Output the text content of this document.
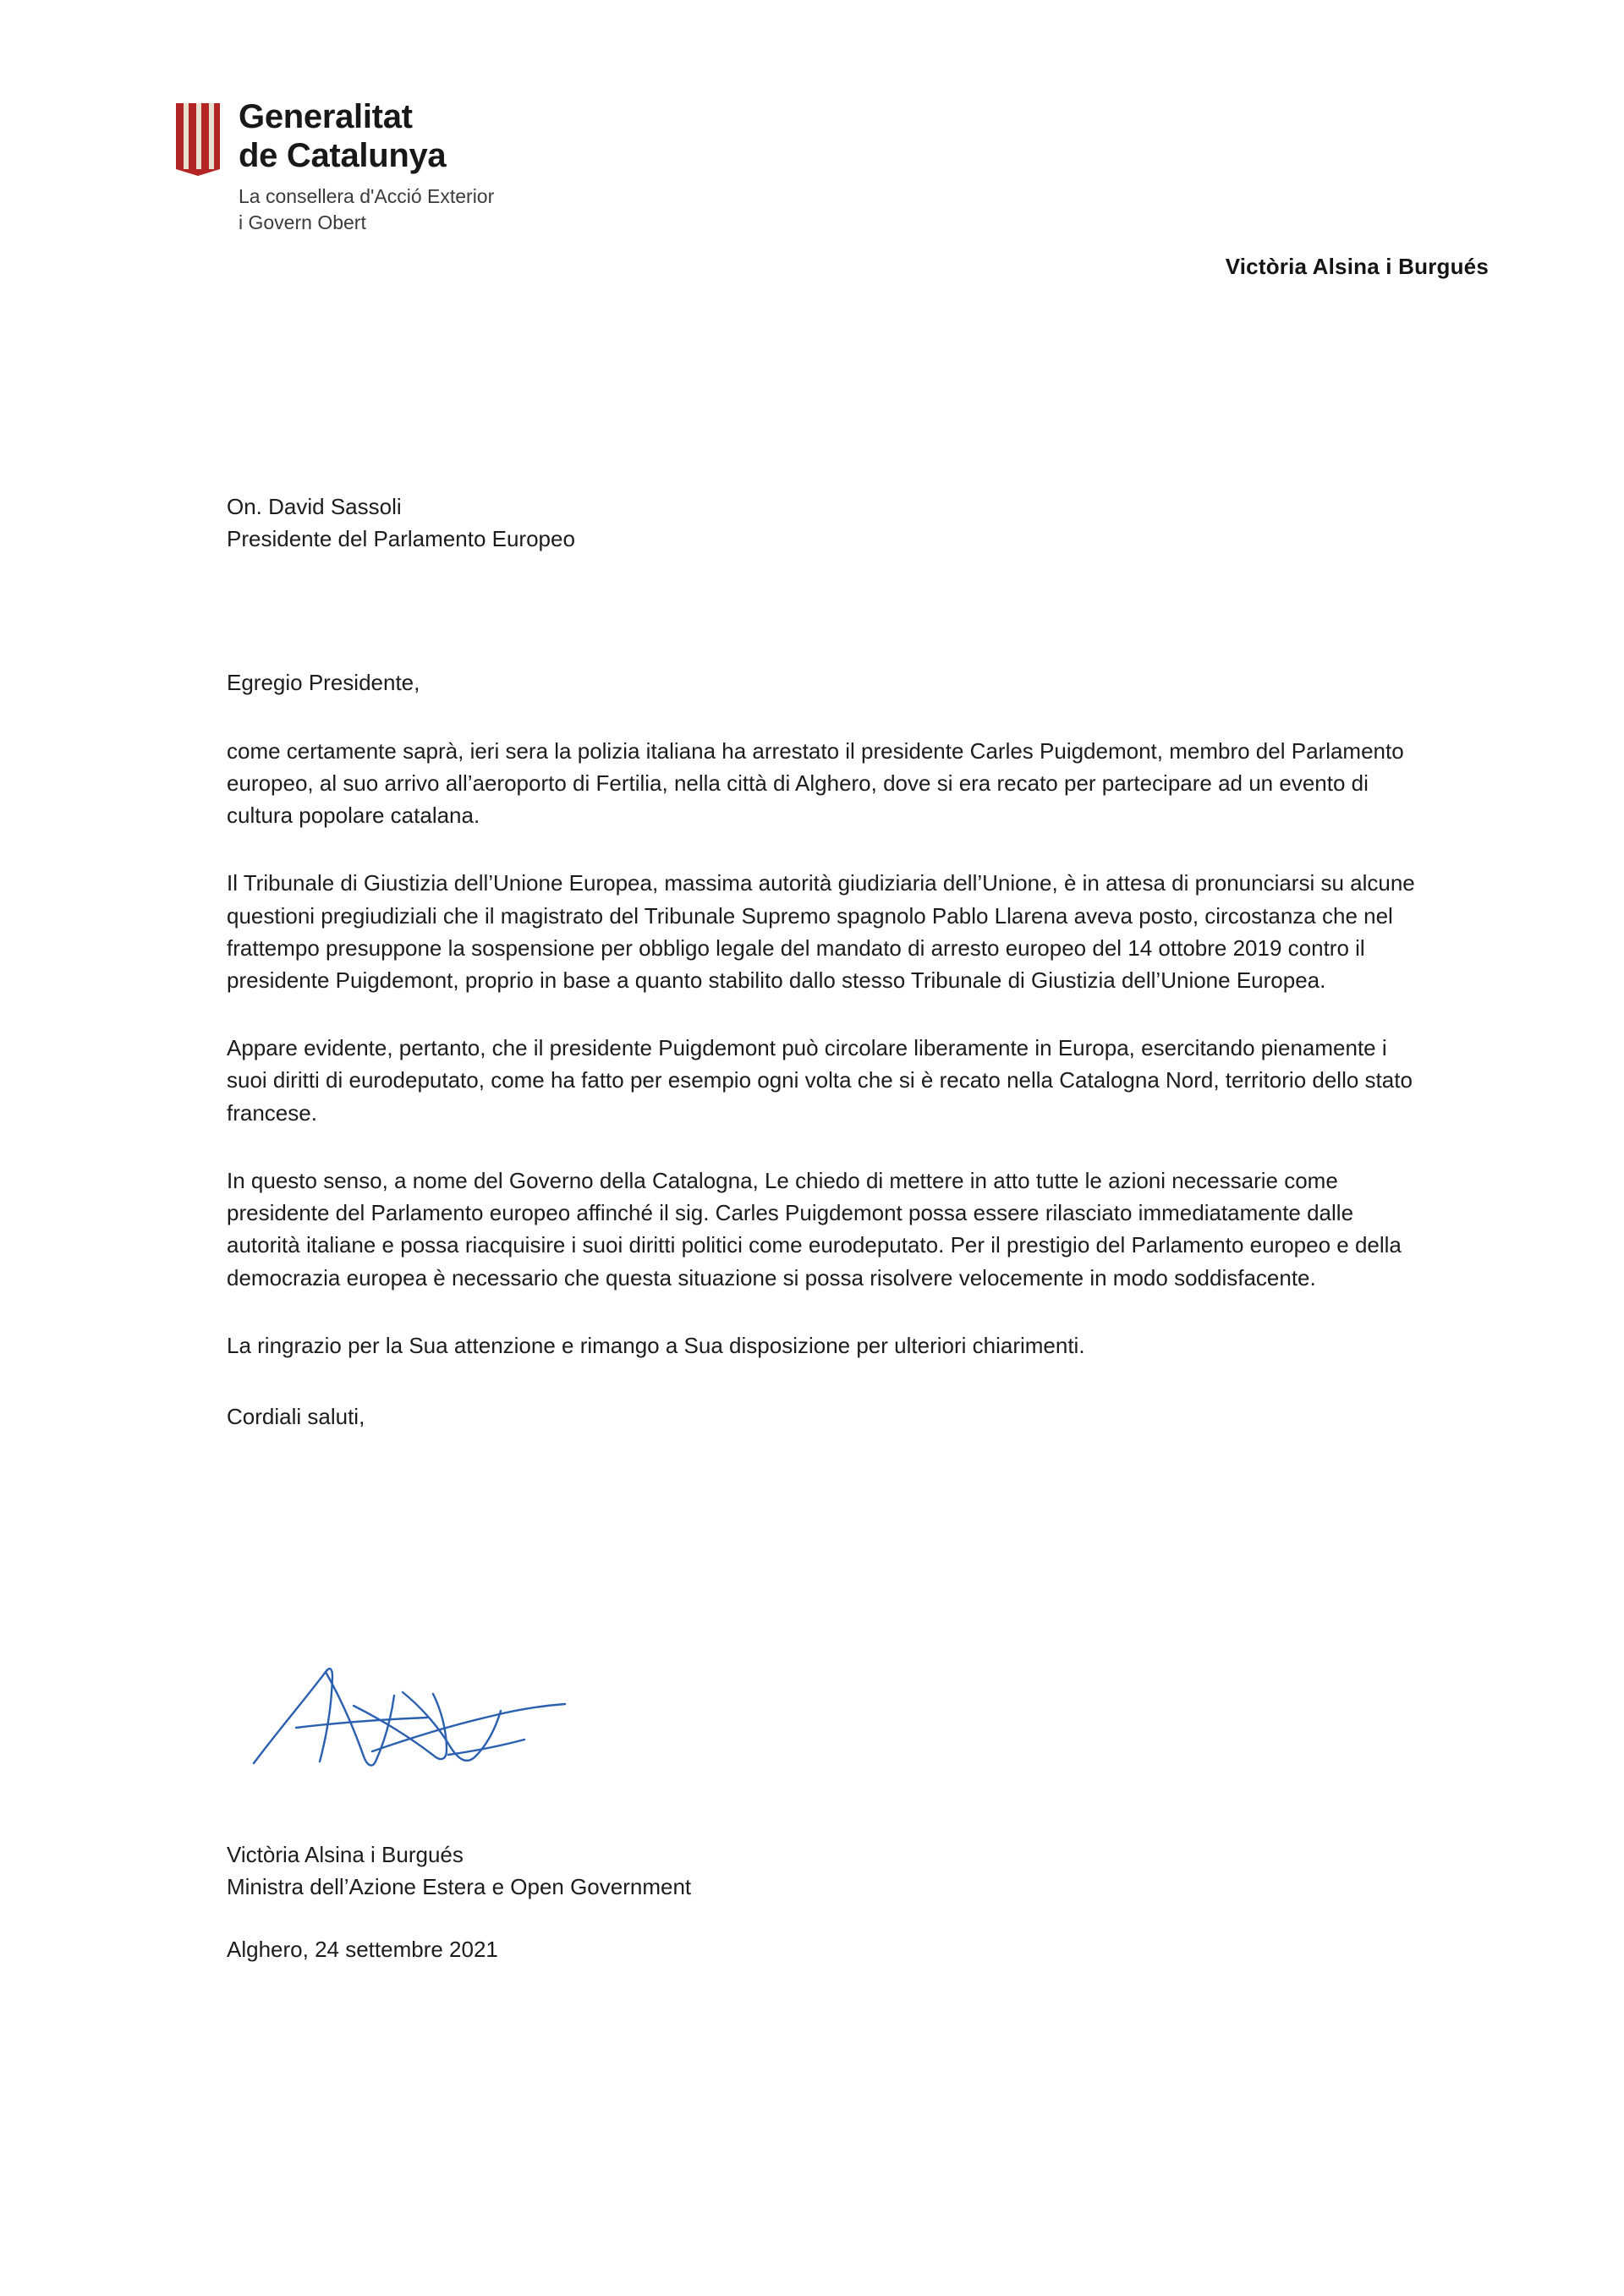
Generalitat
de Catalunya
La consellera d'Acció Exterior
i Govern Obert
Victòria Alsina i Burgués
On. David Sassoli
Presidente del Parlamento Europeo
Egregio Presidente,
come certamente saprà, ieri sera la polizia italiana ha arrestato il presidente Carles Puigdemont, membro del Parlamento europeo, al suo arrivo all’aeroporto di Fertilia, nella città di Alghero, dove si era recato per partecipare ad un evento di cultura popolare catalana.
Il Tribunale di Giustizia dell’Unione Europea, massima autorità giudiziaria dell’Unione, è in attesa di pronunciarsi su alcune questioni pregiudiziali che il magistrato del Tribunale Supremo spagnolo Pablo Llarena aveva posto, circostanza che nel frattempo presuppone la sospensione per obbligo legale del mandato di arresto europeo del 14 ottobre 2019 contro il presidente Puigdemont, proprio in base a quanto stabilito dallo stesso Tribunale di Giustizia dell’Unione Europea.
Appare evidente, pertanto, che il presidente Puigdemont può circolare liberamente in Europa, esercitando pienamente i suoi diritti di eurodeputato, come ha fatto per esempio ogni volta che si è recato nella Catalogna Nord, territorio dello stato francese.
In questo senso, a nome del Governo della Catalogna, Le chiedo di mettere in atto tutte le azioni necessarie come presidente del Parlamento europeo affinché il sig. Carles Puigdemont possa essere rilasciato immediatamente dalle autorità italiane e possa riacquisire i suoi diritti politici come eurodeputato. Per il prestigio del Parlamento europeo e della democrazia europea è necessario che questa situazione si possa risolvere velocemente in modo soddisfacente.
La ringrazio per la Sua attenzione e rimango a Sua disposizione per ulteriori chiarimenti.
Cordiali saluti,
Victòria Alsina i Burgués
Ministra dell’Azione Estera e Open Government
Alghero, 24 settembre 2021
